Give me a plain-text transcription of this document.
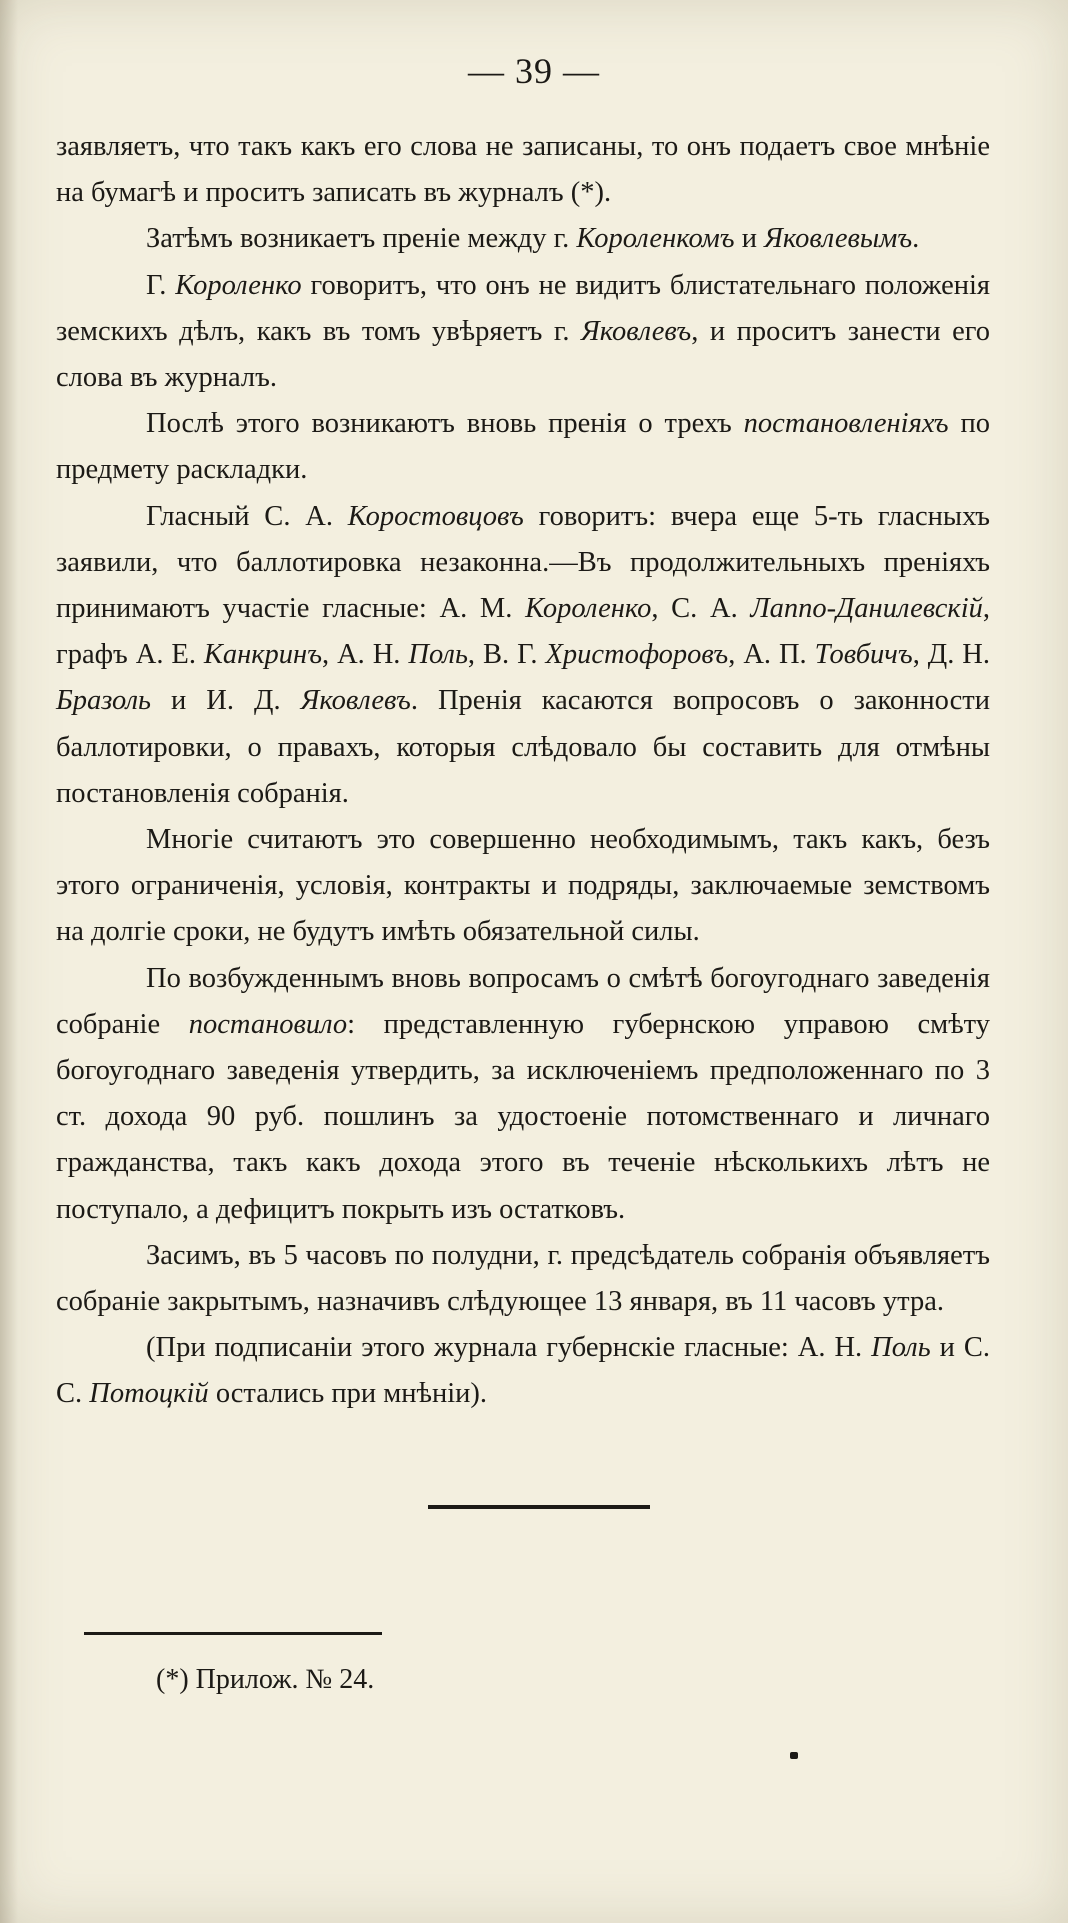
— 39 —

заявляетъ, что такъ какъ его слова не записаны, то онъ подаетъ свое мнѣніе на бумагѣ и проситъ записать въ журналъ (*).

Затѣмъ возникаетъ преніе между г. Короленкомъ и Яковлевымъ.

Г. Короленко говоритъ, что онъ не видитъ блистательнаго положенія земскихъ дѣлъ, какъ въ томъ увѣряетъ г. Яковлевъ, и проситъ занести его слова въ журналъ.

Послѣ этого возникаютъ вновь пренія о трехъ постановленіяхъ по предмету раскладки.

Гласный С. А. Коростовцовъ говоритъ: вчера еще 5-ть гласныхъ заявили, что баллотировка незаконна.—Въ продолжительныхъ преніяхъ принимаютъ участіе гласные: А. М. Короленко, С. А. Лаппо-Данилевскій, графъ А. Е. Канкринъ, А. Н. Поль, В. Г. Христофоровъ, А. П. Товбичъ, Д. Н. Бразоль и И. Д. Яковлевъ. Пренія касаются вопросовъ о законности баллотировки, о правахъ, которыя слѣдовало бы составить для отмѣны постановленія собранія.

Многіе считаютъ это совершенно необходимымъ, такъ какъ, безъ этого ограниченія, условія, контракты и подряды, заключаемые земствомъ на долгіе сроки, не будутъ имѣть обязательной силы.

По возбужденнымъ вновь вопросамъ о смѣтѣ богоугоднаго заведенія собраніе постановило: представленную губернскою управою смѣту богоугоднаго заведенія утвердить, за исключеніемъ предположеннаго по 3 ст. дохода 90 руб. пошлинъ за удостоеніе потомственнаго и личнаго гражданства, такъ какъ дохода этого въ теченіе нѣсколькихъ лѣтъ не поступало, а дефицитъ покрыть изъ остатковъ.

Засимъ, въ 5 часовъ по полудни, г. предсѣдатель собранія объявляетъ собраніе закрытымъ, назначивъ слѣдующее 13 января, въ 11 часовъ утра.

(При подписаніи этого журнала губернскіе гласные: А. Н. Поль и С. С. Потоцкій остались при мнѣніи).

(*) Прилож. № 24.
